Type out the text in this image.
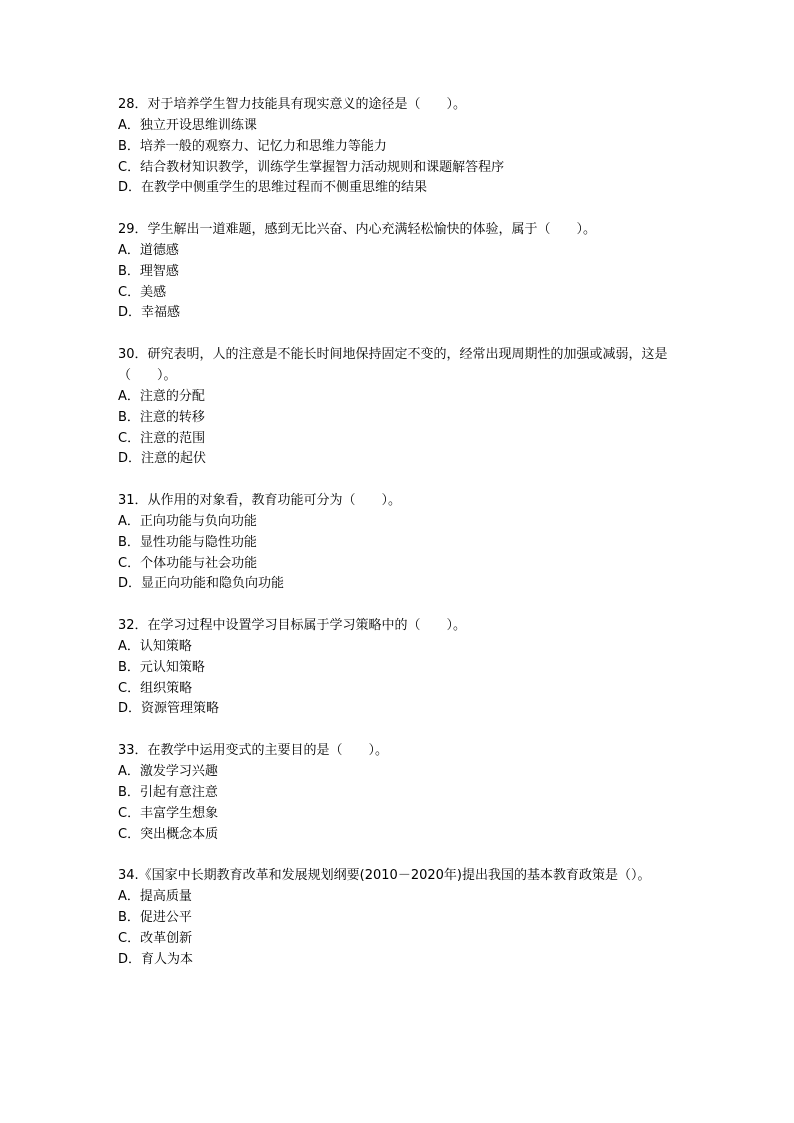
28．对于培养学生智力技能具有现实意义的途径是（　　）。
A．独立开设思维训练课
B．培养一般的观察力、记忆力和思维力等能力
C．结合教材知识教学，训练学生掌握智力活动规则和课题解答程序
D．在教学中侧重学生的思维过程而不侧重思维的结果
29．学生解出一道难题，感到无比兴奋、内心充满轻松愉快的体验，属于（　　）。
A．道德感
B．理智感
C．美感
D．幸福感
30．研究表明，人的注意是不能长时间地保持固定不变的，经常出现周期性的加强或减弱，这是（　　）。
A．注意的分配
B．注意的转移
C．注意的范围
D．注意的起伏
31．从作用的对象看，教育功能可分为（　　）。
A．正向功能与负向功能
B．显性功能与隐性功能
C．个体功能与社会功能
D．显正向功能和隐负向功能
32．在学习过程中设置学习目标属于学习策略中的（　　）。
A．认知策略
B．元认知策略
C．组织策略
D．资源管理策略
33．在教学中运用变式的主要目的是（　　）。
A．激发学习兴趣
B．引起有意注意
C．丰富学生想象
C．突出概念本质
34.《国家中长期教育改革和发展规划纲要(2010－2020年)提出我国的基本教育政策是（）。
A．提高质量
B．促进公平
C．改革创新
D．育人为本
